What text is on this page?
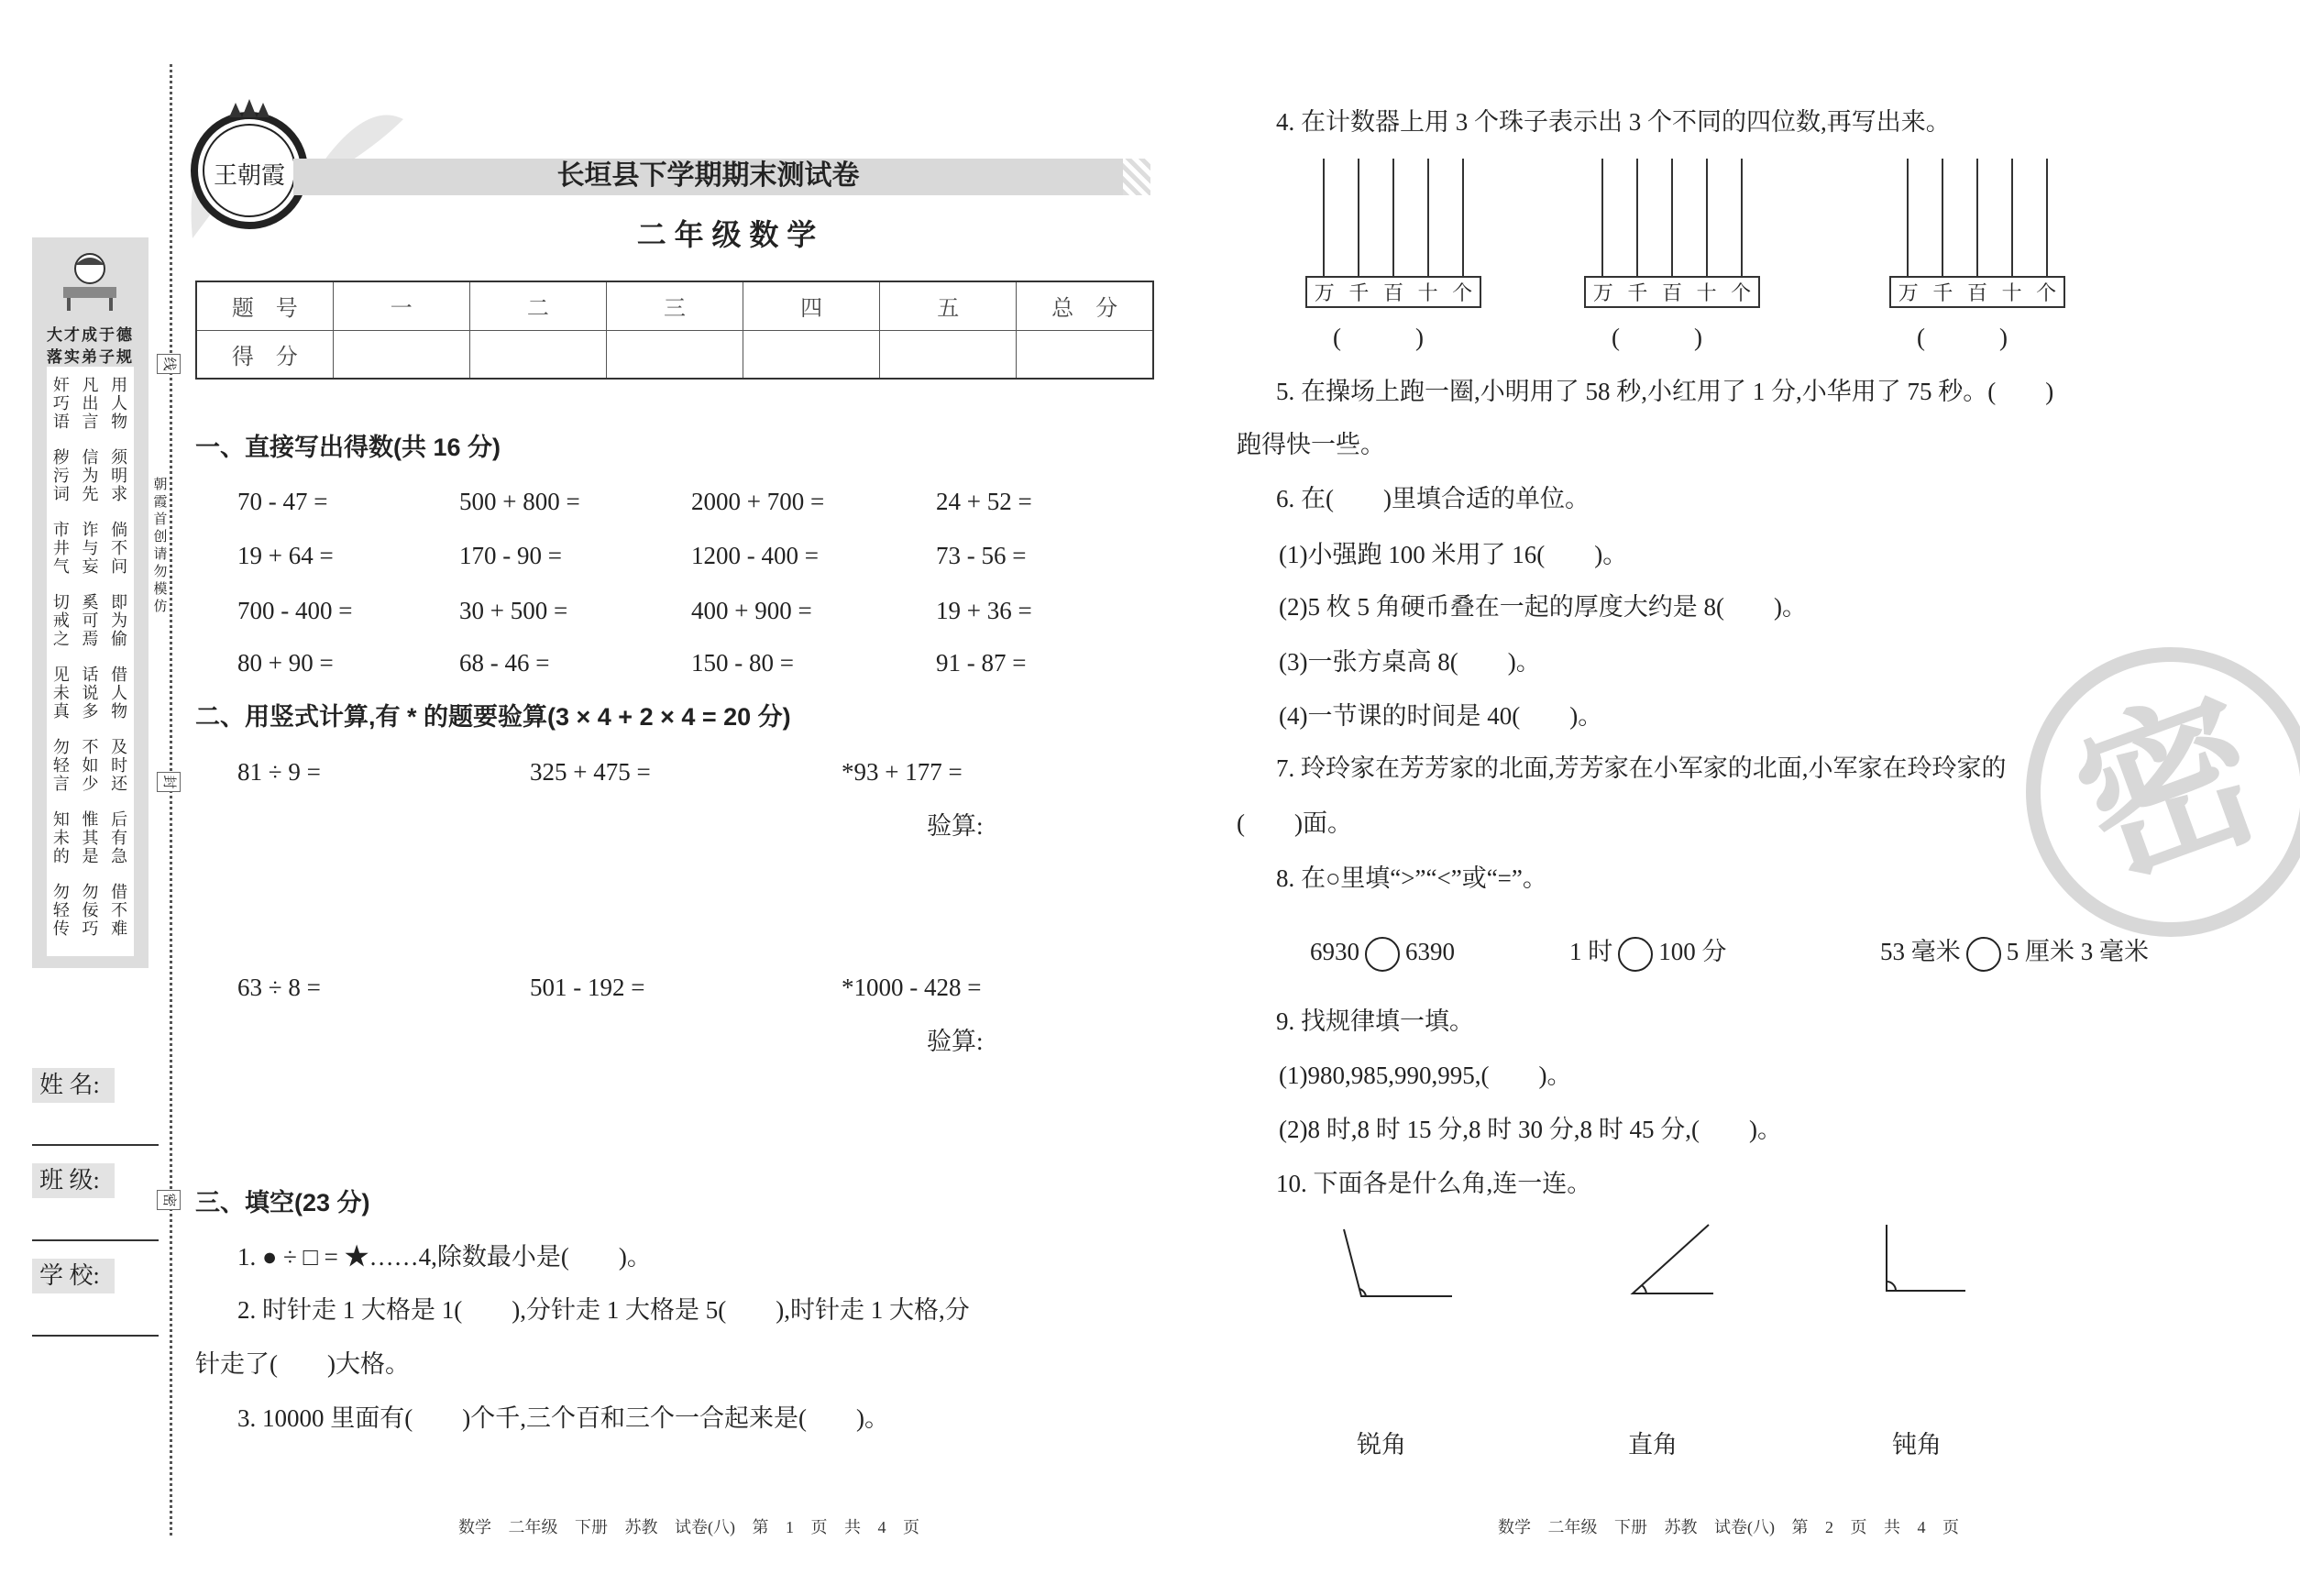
大才成于德
落实弟子规
奸巧语
凡出言
用人物
秽污词
信为先
须明求
市井气
诈与妄
倘不问
切戒之
奚可焉
即为偷
见未真
话说多
借人物
勿轻言
不如少
及时还
知未的
惟其是
后有急
勿轻传
勿佞巧
借不难
线
封
密
朝霞首创 请勿模仿
姓 名:
班 级:
学 校:
王朝霞	长垣县下学期期末测试卷
二 年 级 数 学
题　号	一	二	三	四	五	总　分
得　分						
一、直接写出得数(共 16 分)
70 - 47 =	500 + 800 =	2000 + 700 =	24 + 52 =
19 + 64 =	170 - 90 =	1200 - 400 =	73 - 56 =
700 - 400 =	30 + 500 =	400 + 900 =	19 + 36 =
80 + 90 =	68 - 46 =	150 - 80 =	91 - 87 =
二、用竖式计算,有 * 的题要验算(3 × 4 + 2 × 4 = 20 分)
81 ÷ 9 =	325 + 475 =	*93 + 177 =
验算:
63 ÷ 8 =	501 - 192 =	*1000 - 428 =
验算:
三、填空(23 分)
1. ● ÷ □ = ★……4,除数最小是(　　)。
2. 时针走 1 大格是 1(　　),分针走 1 大格是 5(　　),时针走 1 大格,分
针走了(　　)大格。
3. 10000 里面有(　　)个千,三个百和三个一合起来是(　　)。
数学 二年级 下册 苏教 试卷(八) 第 1 页 共 4 页
密
4. 在计数器上用 3 个珠子表示出 3 个不同的四位数,再写出来。
万 千 百 十 个
(　　　)
万 千 百 十 个
(　　　)
万 千 百 十 个
(　　　)
5. 在操场上跑一圈,小明用了 58 秒,小红用了 1 分,小华用了 75 秒。(　　)
跑得快一些。
6. 在(　　)里填合适的单位。
(1)小强跑 100 米用了 16(　　)。
(2)5 枚 5 角硬币叠在一起的厚度大约是 8(　　)。
(3)一张方桌高 8(　　)。
(4)一节课的时间是 40(　　)。
7. 玲玲家在芳芳家的北面,芳芳家在小军家的北面,小军家在玲玲家的
(　　)面。
8. 在○里填“>”“<”或“=”。
6930 6390	1 时 100 分	53 毫米 5 厘米 3 毫米
9. 找规律填一填。
(1)980,985,990,995,(　　)。
(2)8 时,8 时 15 分,8 时 30 分,8 时 45 分,(　　)。
10. 下面各是什么角,连一连。
锐角	直角	钝角
数学 二年级 下册 苏教 试卷(八) 第 2 页 共 4 页
